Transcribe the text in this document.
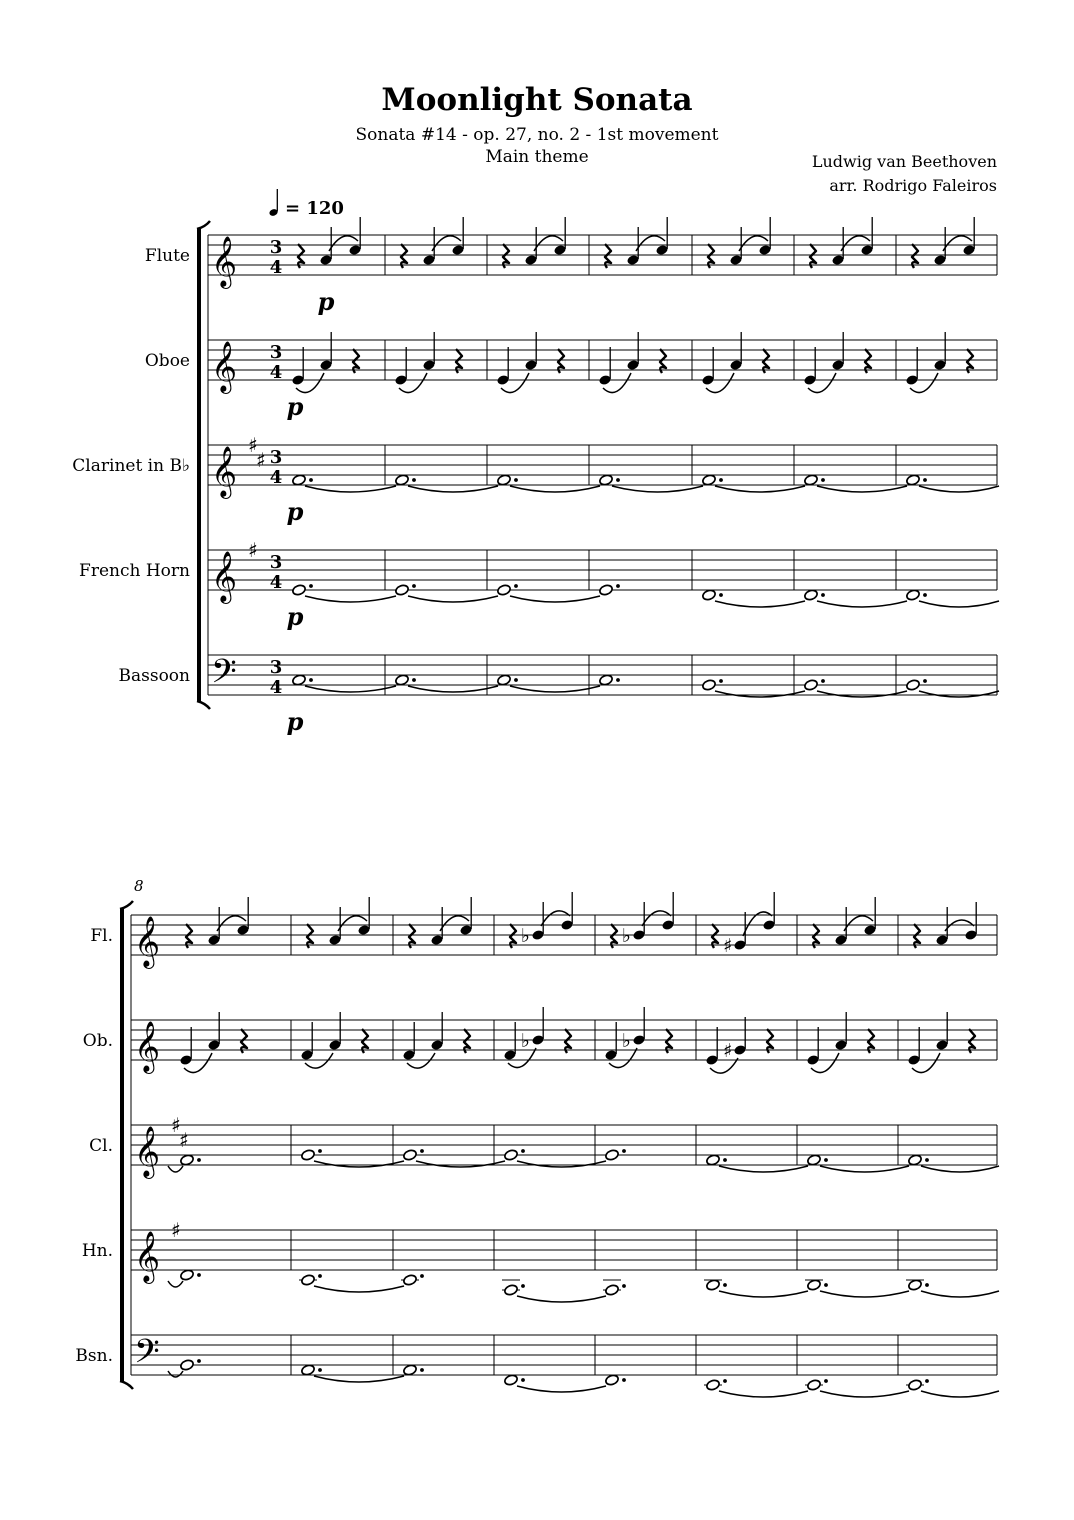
Moonlight Sonata
Sonata #14 - op. 27, no. 2 - 1st movement
Main theme	Ludwig van Beethoven
arr. Rodrigo Faleiros
= 120
Flute 𝄞 3
4
p
Oboe 𝄞 3
4
p
Clarinet in B♭ 𝄞
♯
♯ 3
4
p
French Horn 𝄞
♯
3
4
p
Bassoon 𝄢 3
4
p
8
Fl. 𝄞	♭	♭	♯
Ob. 𝄞	♭	♭	♯
Cl. 𝄞
♯
♯
Hn. 𝄞
♯
Bsn. 𝄢
